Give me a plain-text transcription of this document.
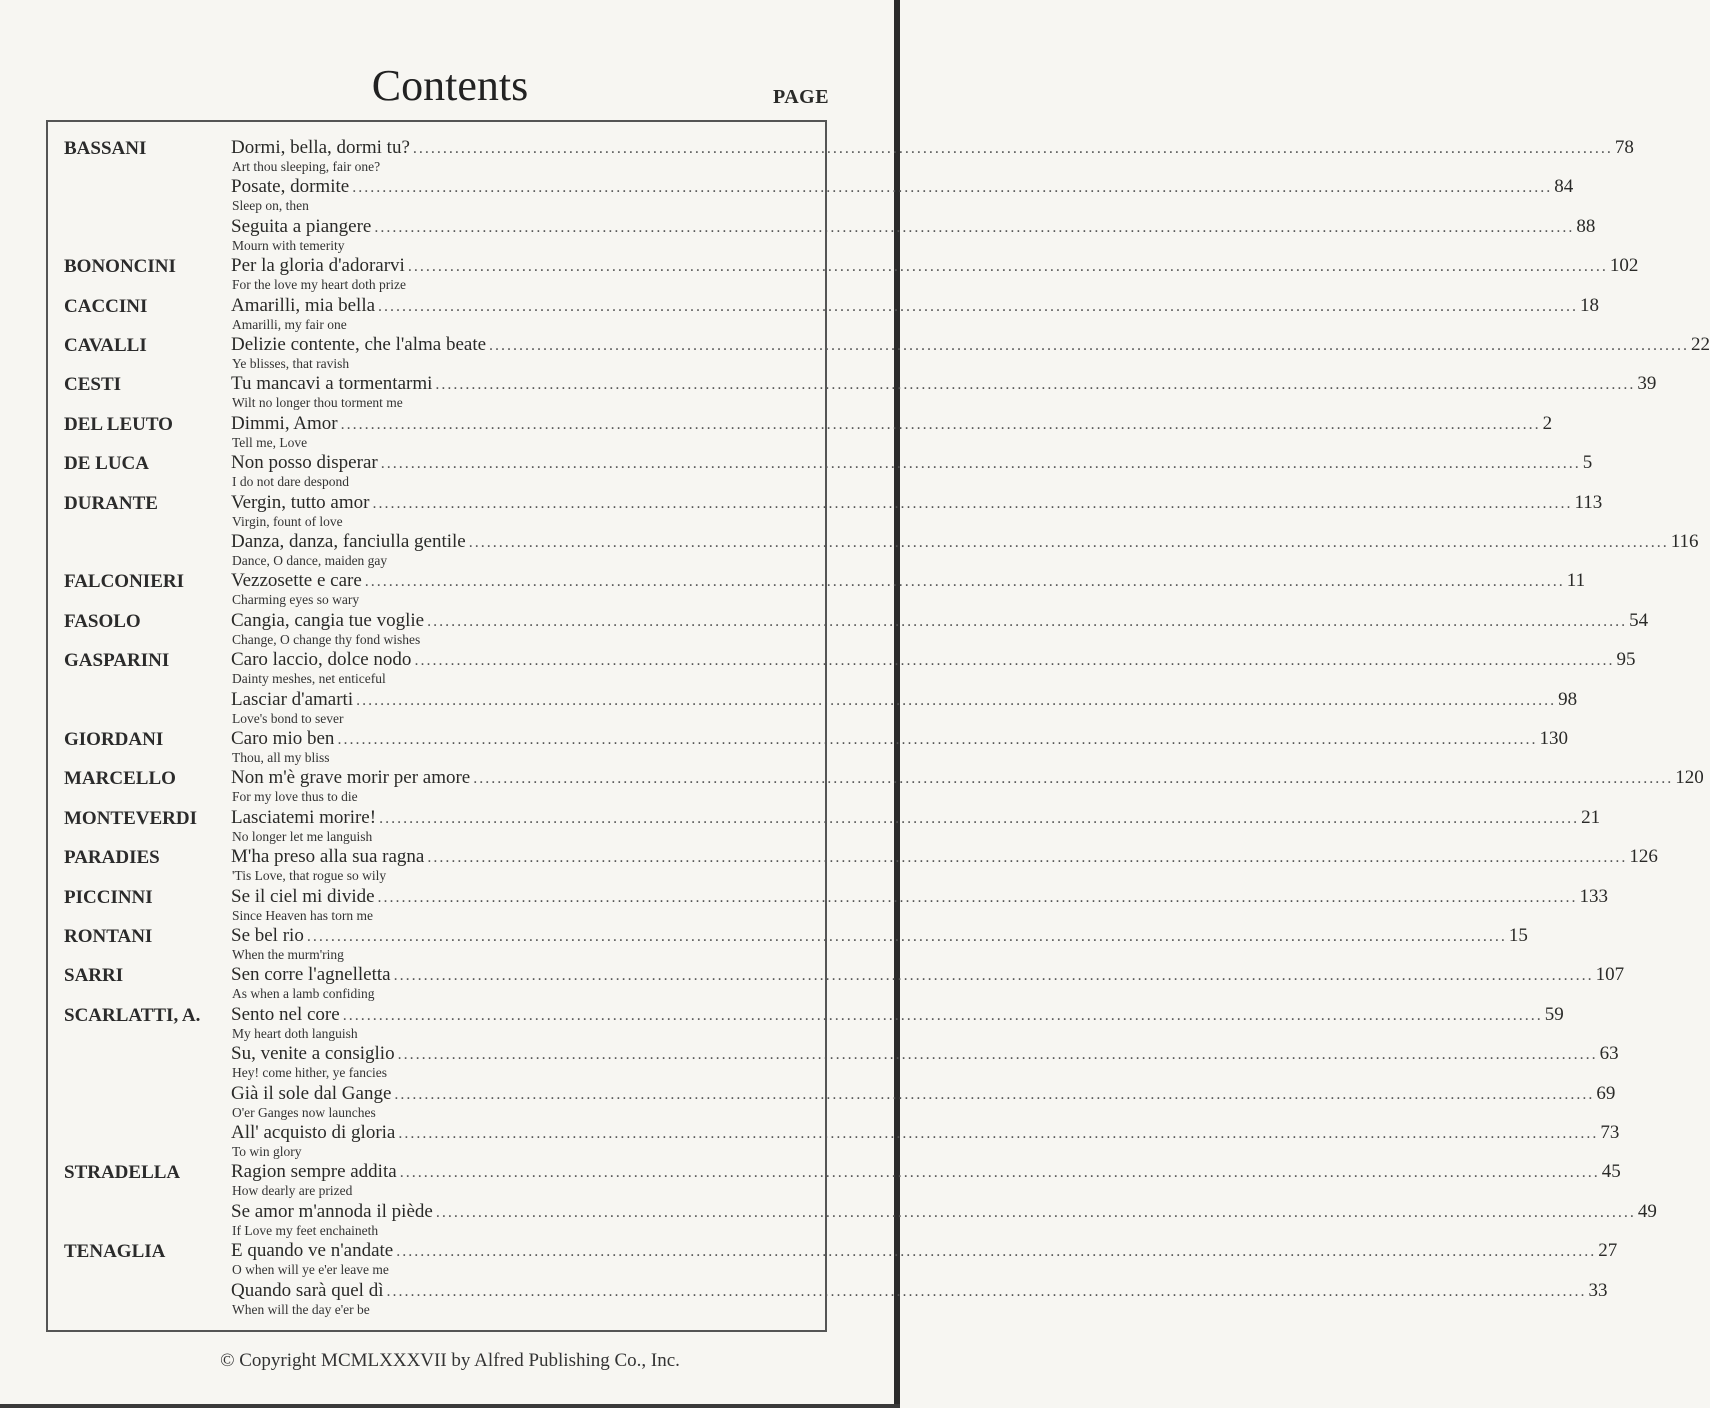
Contents	PAGE
BASSANI	Dormi, bella, dormi tu? ........................................................................................................................................................................................................ 78
Art thou sleeping, fair one?
Posate, dormite ........................................................................................................................................................................................................ 84
Sleep on, then
Seguita a piangere ........................................................................................................................................................................................................ 88
Mourn with temerity
BONONCINI	Per la gloria d'adorarvi ........................................................................................................................................................................................................ 102
For the love my heart doth prize
CACCINI	Amarilli, mia bella ........................................................................................................................................................................................................ 18
Amarilli, my fair one
CAVALLI	Delizie contente, che l'alma beate ........................................................................................................................................................................................................ 22
Ye blisses, that ravish
CESTI	Tu mancavi a tormentarmi ........................................................................................................................................................................................................ 39
Wilt no longer thou torment me
DEL LEUTO	Dimmi, Amor ........................................................................................................................................................................................................ 2
Tell me, Love
DE LUCA	Non posso disperar ........................................................................................................................................................................................................ 5
I do not dare despond
DURANTE	Vergin, tutto amor ........................................................................................................................................................................................................ 113
Virgin, fount of love
Danza, danza, fanciulla gentile ........................................................................................................................................................................................................ 116
Dance, O dance, maiden gay
FALCONIERI Vezzosette e care ........................................................................................................................................................................................................ 11
Charming eyes so wary
FASOLO	Cangia, cangia tue voglie ........................................................................................................................................................................................................ 54
Change, O change thy fond wishes
GASPARINI	Caro laccio, dolce nodo ........................................................................................................................................................................................................ 95
Dainty meshes, net enticeful
Lasciar d'amarti ........................................................................................................................................................................................................ 98
Love's bond to sever
GIORDANI	Caro mio ben ........................................................................................................................................................................................................ 130
Thou, all my bliss
MARCELLO	Non m'è grave morir per amore ........................................................................................................................................................................................................ 120
For my love thus to die
MONTEVERDI Lasciatemi morire! ........................................................................................................................................................................................................ 21
No longer let me languish
PARADIES	M'ha preso alla sua ragna ........................................................................................................................................................................................................ 126
'Tis Love, that rogue so wily
PICCINNI	Se il ciel mi divide ........................................................................................................................................................................................................ 133
Since Heaven has torn me
RONTANI	Se bel rio ........................................................................................................................................................................................................ 15
When the murm'ring
SARRI	Sen corre l'agnelletta ........................................................................................................................................................................................................ 107
As when a lamb confiding
SCARLATTI, A. Sento nel core ........................................................................................................................................................................................................ 59
My heart doth languish
Su, venite a consiglio ........................................................................................................................................................................................................ 63
Hey! come hither, ye fancies
Già il sole dal Gange ........................................................................................................................................................................................................ 69
O'er Ganges now launches
All' acquisto di gloria ........................................................................................................................................................................................................ 73
To win glory
STRADELLA	Ragion sempre addita ........................................................................................................................................................................................................ 45
How dearly are prized
Se amor m'annoda il piède ........................................................................................................................................................................................................ 49
If Love my feet enchaineth
TENAGLIA	E quando ve n'andate ........................................................................................................................................................................................................ 27
O when will ye e'er leave me
Quando sarà quel dì ........................................................................................................................................................................................................ 33
When will the day e'er be
© Copyright MCMLXXXVII by Alfred Publishing Co., Inc.
